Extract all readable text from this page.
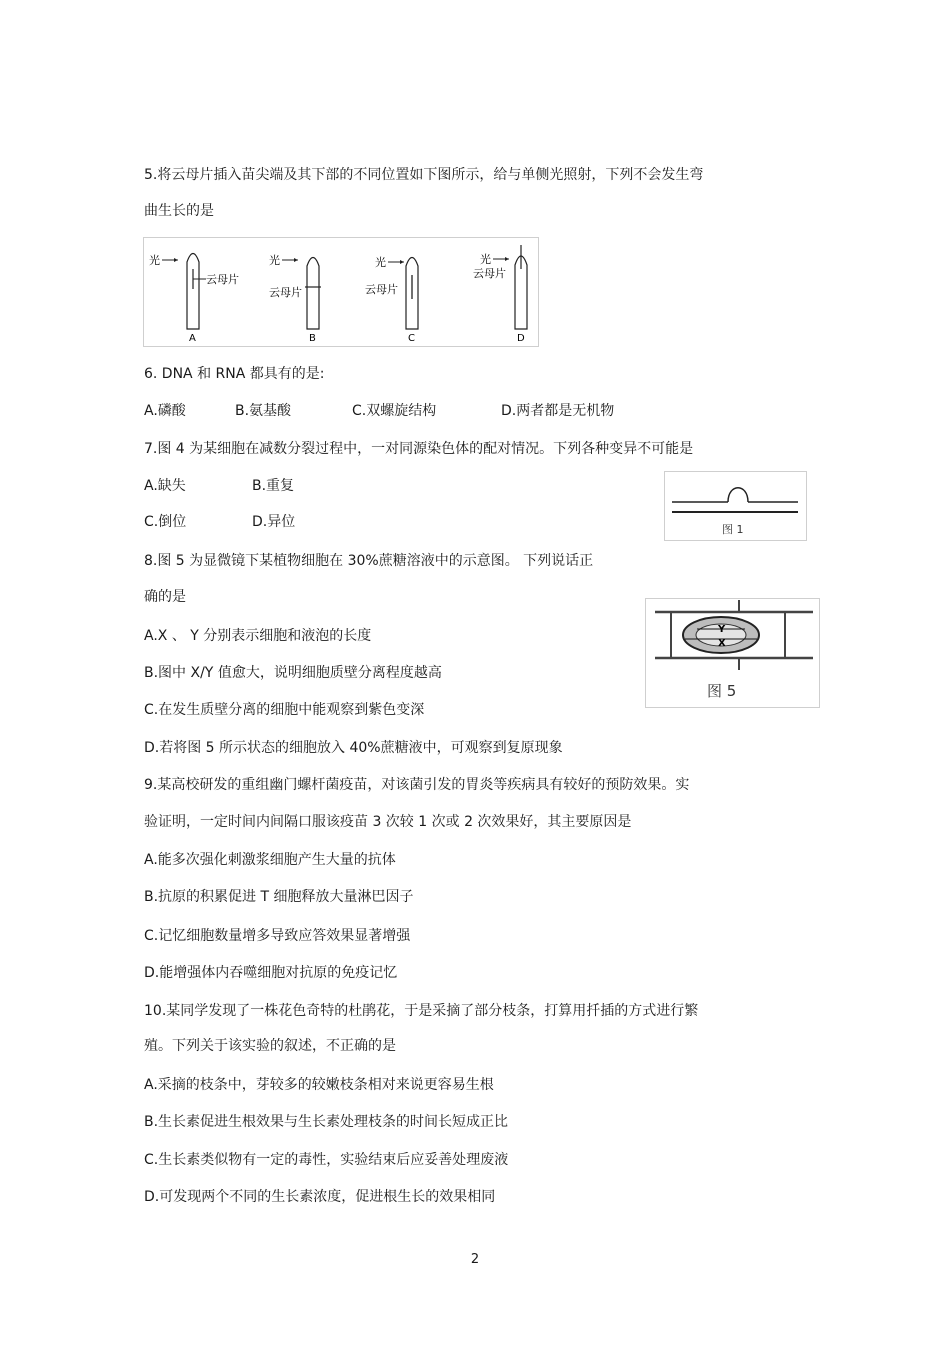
5.将云母片插入苗尖端及其下部的不同位置如下图所示，给与单侧光照射，下列不会发生弯
曲生长的是
光
云母片
A
光
云母片
B
光
云母片
C
光
云母片
D
6. DNA 和 RNA 都具有的是:
A.磷酸	B.氨基酸	C.双螺旋结构	D.两者都是无机物
7.图 4 为某细胞在减数分裂过程中，一对同源染色体的配对情况。下列各种变异不可能是
A.缺失	B.重复
C.倒位	D.异位	图 1
8.图 5 为显微镜下某植物细胞在 30%蔗糖溶液中的示意图。 下列说话正
确的是
A.X 、 Y 分别表示细胞和液泡的长度
B.图中 X/Y 值愈大，说明细胞质壁分离程度越高
C.在发生质壁分离的细胞中能观察到紫色变深
D.若将图 5 所示状态的细胞放入 40%蔗糖液中，可观察到复原现象
Y
X
图 5
9.某高校研发的重组幽门螺杆菌疫苗，对该菌引发的胃炎等疾病具有较好的预防效果。实
验证明，一定时间内间隔口服该疫苗 3 次较 1 次或 2 次效果好，其主要原因是
A.能多次强化刺激浆细胞产生大量的抗体
B.抗原的积累促进 T 细胞释放大量淋巴因子
C.记忆细胞数量增多导致应答效果显著增强
D.能增强体内吞噬细胞对抗原的免疫记忆
10.某同学发现了一株花色奇特的杜鹃花，于是采摘了部分枝条，打算用扦插的方式进行繁
殖。下列关于该实验的叙述，不正确的是
A.采摘的枝条中，芽较多的较嫩枝条相对来说更容易生根
B.生长素促进生根效果与生长素处理枝条的时间长短成正比
C.生长素类似物有一定的毒性，实验结束后应妥善处理废液
D.可发现两个不同的生长素浓度，促进根生长的效果相同
2
